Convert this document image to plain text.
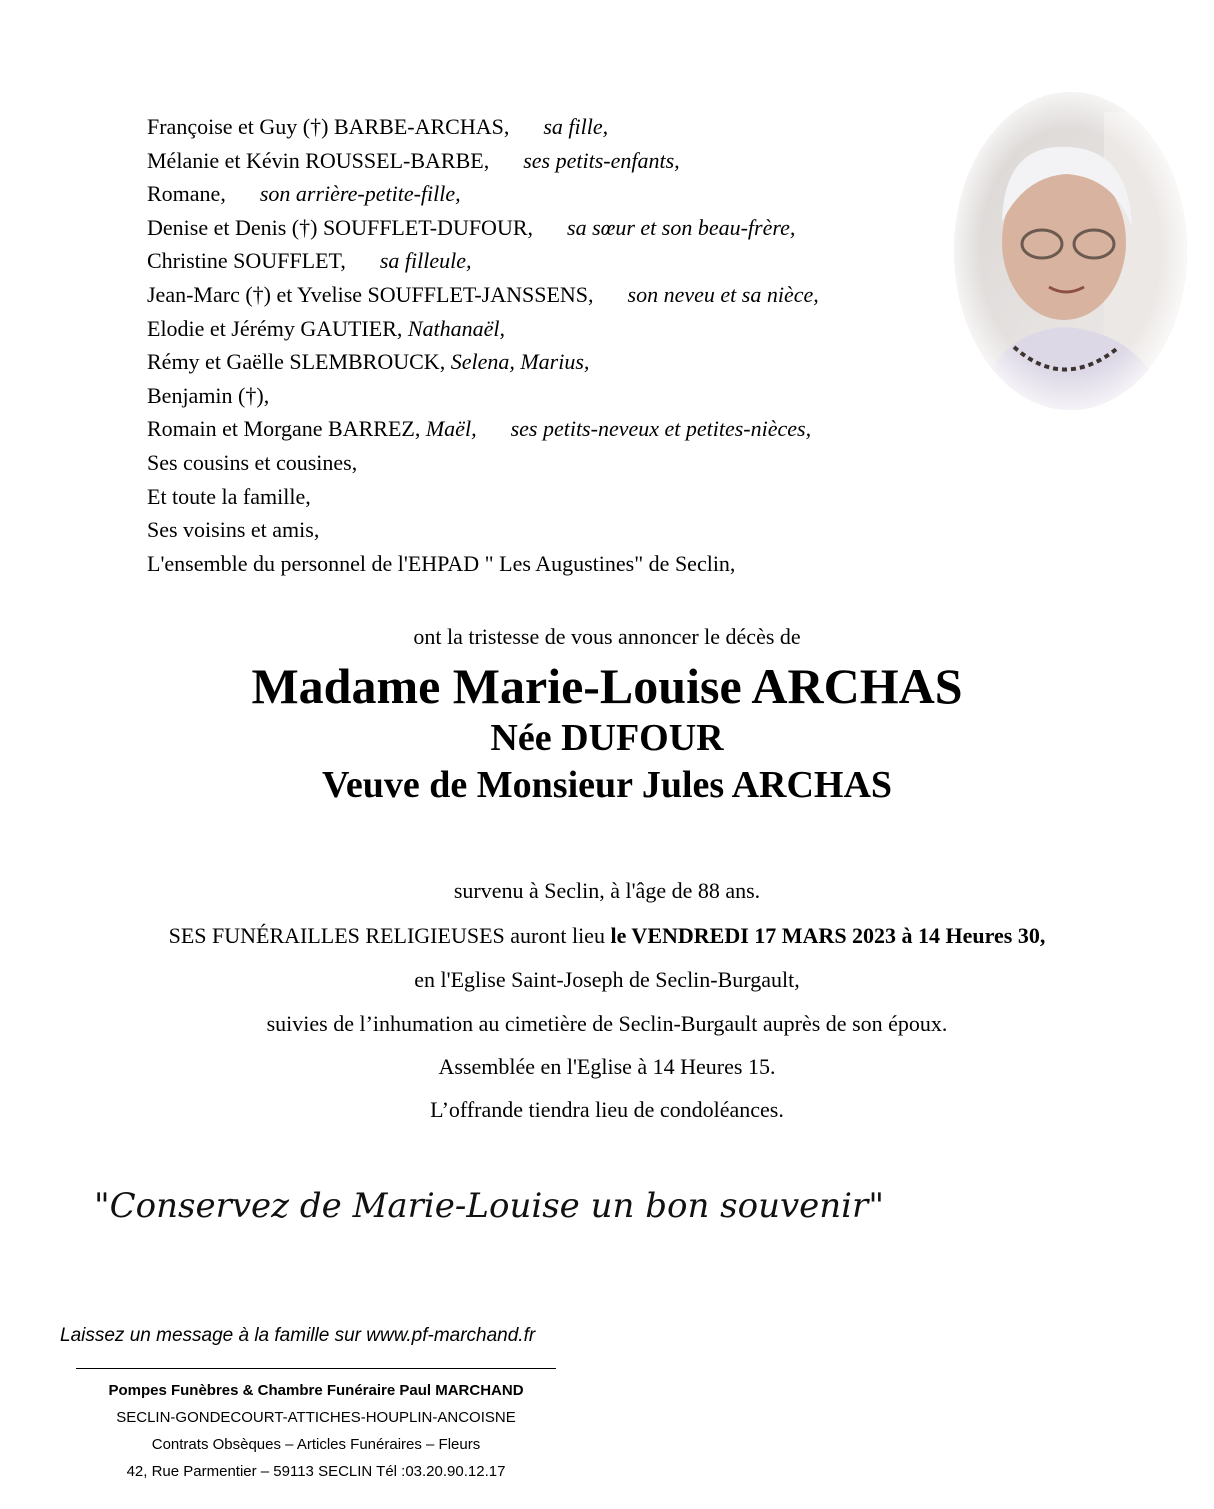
Françoise et Guy (†) BARBE-ARCHAS, sa fille,
Mélanie et Kévin ROUSSEL-BARBE, ses petits-enfants,
Romane, son arrière-petite-fille,
Denise et Denis (†) SOUFFLET-DUFOUR, sa sœur et son beau-frère,
Christine SOUFFLET, sa filleule,
Jean-Marc (†) et Yvelise SOUFFLET-JANSSENS, son neveu et sa nièce,
Elodie et Jérémy GAUTIER, Nathanaël,
Rémy et Gaëlle SLEMBROUCK, Selena, Marius,
Benjamin (†),
Romain et Morgane BARREZ, Maël, ses petits-neveux et petites-nièces,
Ses cousins et cousines,
Et toute la famille,
Ses voisins et amis,
L'ensemble du personnel de l'EHPAD " Les Augustines" de Seclin,
ont la tristesse de vous annoncer le décès de
Madame Marie-Louise ARCHAS
Née DUFOUR
Veuve de Monsieur Jules ARCHAS
survenu à Seclin, à l'âge de 88 ans.
SES FUNÉRAILLES RELIGIEUSES auront lieu le VENDREDI 17 MARS 2023 à 14 Heures 30,
en l'Eglise Saint-Joseph de Seclin-Burgault,
suivies de l’inhumation au cimetière de Seclin-Burgault auprès de son époux.
Assemblée en l'Eglise à 14 Heures 15.
L’offrande tiendra lieu de condoléances.
"Conservez de Marie-Louise un bon souvenir"
Laissez un message à la famille sur www.pf-marchand.fr
Pompes Funèbres & Chambre Funéraire Paul MARCHAND
SECLIN-GONDECOURT-ATTICHES-HOUPLIN-ANCOISNE
Contrats Obsèques – Articles Funéraires – Fleurs
42, Rue Parmentier – 59113 SECLIN Tél :03.20.90.12.17
